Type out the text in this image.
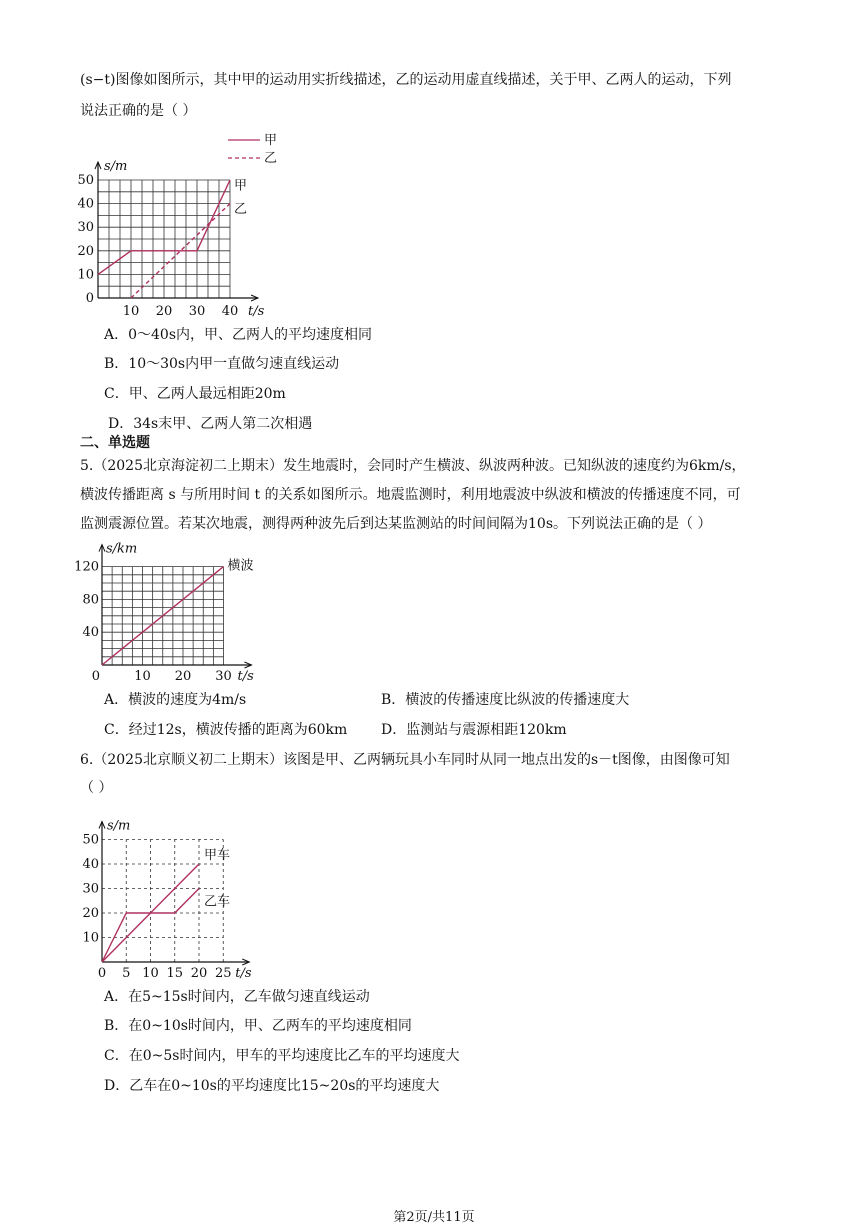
(s−t)图像如图所示，其中甲的运动用实折线描述，乙的运动用虚直线描述，关于甲、乙两人的运动，下列
说法正确的是（ ）
0
10
20
30
40
50
10 20 30 40
s/m
t/s
甲
乙
甲
乙
A．0～40s内，甲、乙两人的平均速度相同
B．10～30s内甲一直做匀速直线运动
C．甲、乙两人最远相距20m
D．34s末甲、乙两人第二次相遇
二、单选题
5.（2025北京海淀初二上期末）发生地震时，会同时产生横波、纵波两种波。已知纵波的速度约为6km/s，
横波传播距离 s 与所用时间 t 的关系如图所示。地震监测时，利用地震波中纵波和横波的传播速度不同，可
监测震源位置。若某次地震，测得两种波先后到达某监测站的时间间隔为10s。下列说法正确的是（ ）
40
80
120
0	10 20 30
s/km
t/s
横波
A．横波的速度为4m/s	B．横波的传播速度比纵波的传播速度大
C．经过12s，横波传播的距离为60km D．监测站与震源相距120km
6.（2025北京顺义初二上期末）该图是甲、乙两辆玩具小车同时从同一地点出发的s－t图像，由图像可知
（ ）
10
20
30
40
50
0 5 10 15 20 25
s/m
t/s
甲车
乙车
A．在5~15s时间内，乙车做匀速直线运动
B．在0~10s时间内，甲、乙两车的平均速度相同
C．在0~5s时间内，甲车的平均速度比乙车的平均速度大
D．乙车在0~10s的平均速度比15~20s的平均速度大
第2页/共11页
